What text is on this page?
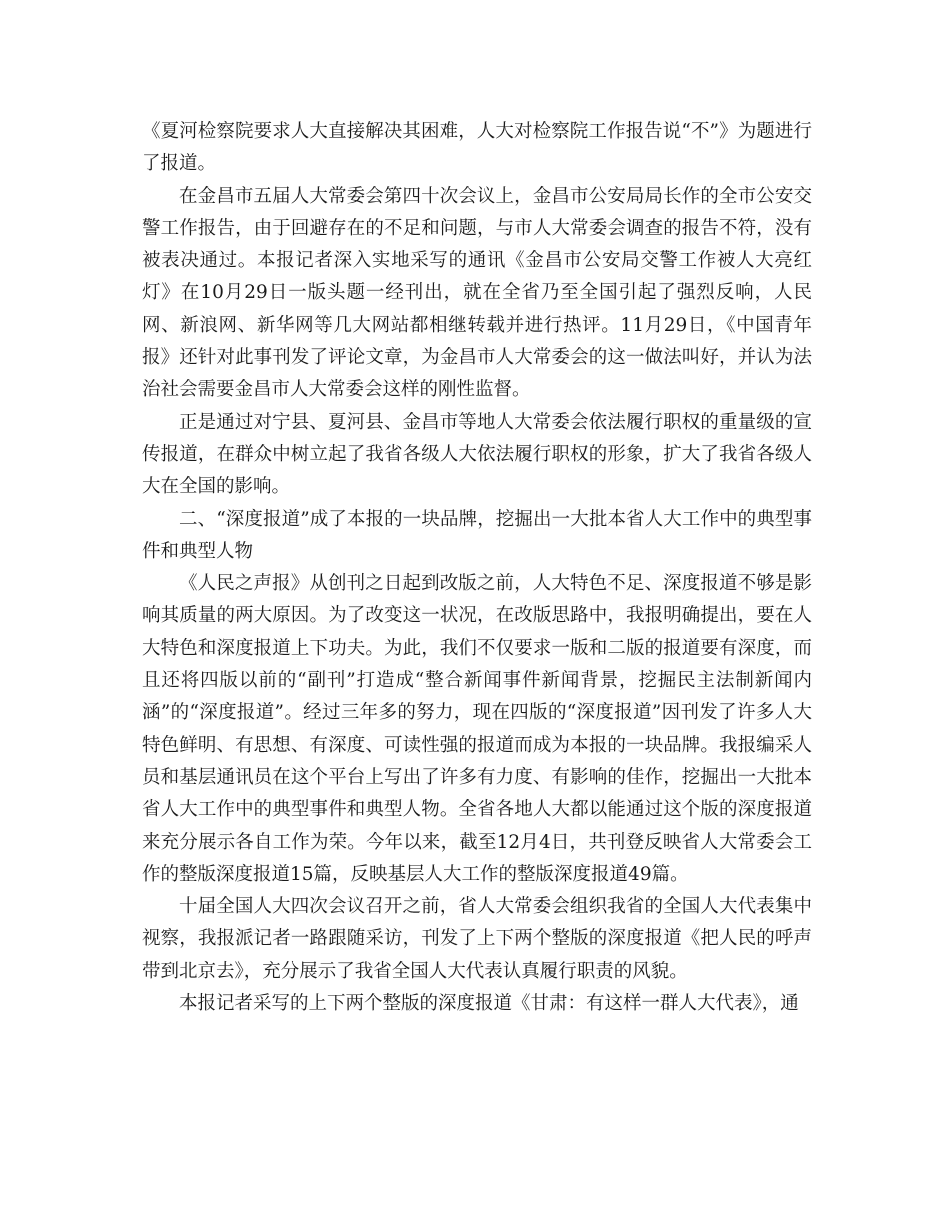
《夏河检察院要求人大直接解决其困难，人大对检察院工作报告说“不”》为题进行了报道。

在金昌市五届人大常委会第四十次会议上，金昌市公安局局长作的全市公安交警工作报告，由于回避存在的不足和问题，与市人大常委会调查的报告不符，没有被表决通过。本报记者深入实地采写的通讯《金昌市公安局交警工作被人大亮红灯》在10月29日一版头题一经刊出，就在全省乃至全国引起了强烈反响，人民网、新浪网、新华网等几大网站都相继转载并进行热评。11月29日，《中国青年报》还针对此事刊发了评论文章，为金昌市人大常委会的这一做法叫好，并认为法治社会需要金昌市人大常委会这样的刚性监督。

正是通过对宁县、夏河县、金昌市等地人大常委会依法履行职权的重量级的宣传报道，在群众中树立起了我省各级人大依法履行职权的形象，扩大了我省各级人大在全国的影响。

二、“深度报道”成了本报的一块品牌，挖掘出一大批本省人大工作中的典型事件和典型人物

《人民之声报》从创刊之日起到改版之前，人大特色不足、深度报道不够是影响其质量的两大原因。为了改变这一状况，在改版思路中，我报明确提出，要在人大特色和深度报道上下功夫。为此，我们不仅要求一版和二版的报道要有深度，而且还将四版以前的“副刊”打造成“整合新闻事件新闻背景，挖掘民主法制新闻内涵”的“深度报道”。经过三年多的努力，现在四版的“深度报道”因刊发了许多人大特色鲜明、有思想、有深度、可读性强的报道而成为本报的一块品牌。我报编采人员和基层通讯员在这个平台上写出了许多有力度、有影响的佳作，挖掘出一大批本省人大工作中的典型事件和典型人物。全省各地人大都以能通过这个版的深度报道来充分展示各自工作为荣。今年以来，截至12月4日，共刊登反映省人大常委会工作的整版深度报道15篇，反映基层人大工作的整版深度报道49篇。

十届全国人大四次会议召开之前，省人大常委会组织我省的全国人大代表集中视察，我报派记者一路跟随采访，刊发了上下两个整版的深度报道《把人民的呼声带到北京去》，充分展示了我省全国人大代表认真履行职责的风貌。

本报记者采写的上下两个整版的深度报道《甘肃：有这样一群人大代表》，通
